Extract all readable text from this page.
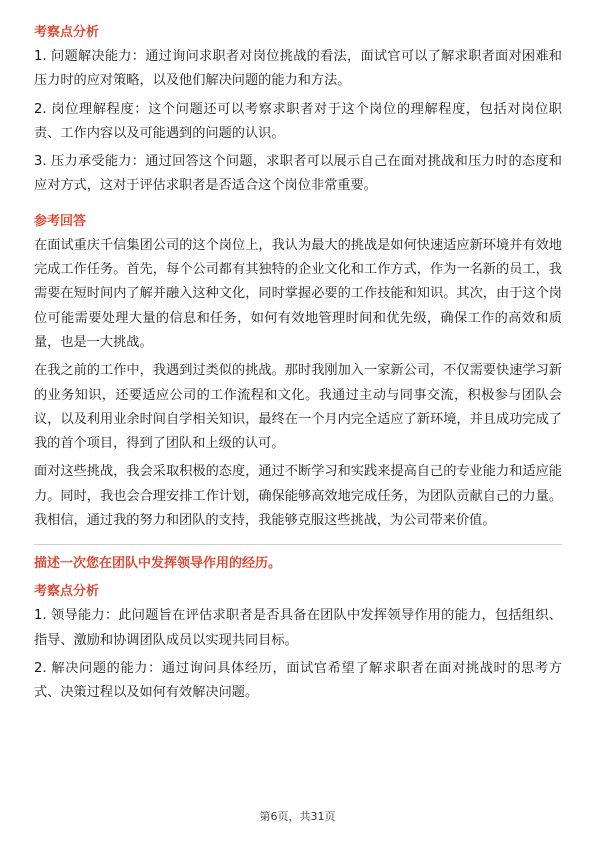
考察点分析

1. 问题解决能力：通过询问求职者对岗位挑战的看法，面试官可以了解求职者面对困难和压力时的应对策略，以及他们解决问题的能力和方法。

2. 岗位理解程度：这个问题还可以考察求职者对于这个岗位的理解程度，包括对岗位职责、工作内容以及可能遇到的问题的认识。

3. 压力承受能力：通过回答这个问题，求职者可以展示自己在面对挑战和压力时的态度和应对方式，这对于评估求职者是否适合这个岗位非常重要。

参考回答

在面试重庆千信集团公司的这个岗位上，我认为最大的挑战是如何快速适应新环境并有效地完成工作任务。首先，每个公司都有其独特的企业文化和工作方式，作为一名新的员工，我需要在短时间内了解并融入这种文化，同时掌握必要的工作技能和知识。其次，由于这个岗位可能需要处理大量的信息和任务，如何有效地管理时间和优先级，确保工作的高效和质量，也是一大挑战。

在我之前的工作中，我遇到过类似的挑战。那时我刚加入一家新公司，不仅需要快速学习新的业务知识，还要适应公司的工作流程和文化。我通过主动与同事交流，积极参与团队会议，以及利用业余时间自学相关知识，最终在一个月内完全适应了新环境，并且成功完成了我的首个项目，得到了团队和上级的认可。

面对这些挑战，我会采取积极的态度，通过不断学习和实践来提高自己的专业能力和适应能力。同时，我也会合理安排工作计划，确保能够高效地完成任务，为团队贡献自己的力量。我相信，通过我的努力和团队的支持，我能够克服这些挑战，为公司带来价值。

描述一次您在团队中发挥领导作用的经历。
考察点分析

1. 领导能力：此问题旨在评估求职者是否具备在团队中发挥领导作用的能力，包括组织、指导、激励和协调团队成员以实现共同目标。

2. 解决问题的能力：通过询问具体经历，面试官希望了解求职者在面对挑战时的思考方式、决策过程以及如何有效解决问题。

第6页，共31页
